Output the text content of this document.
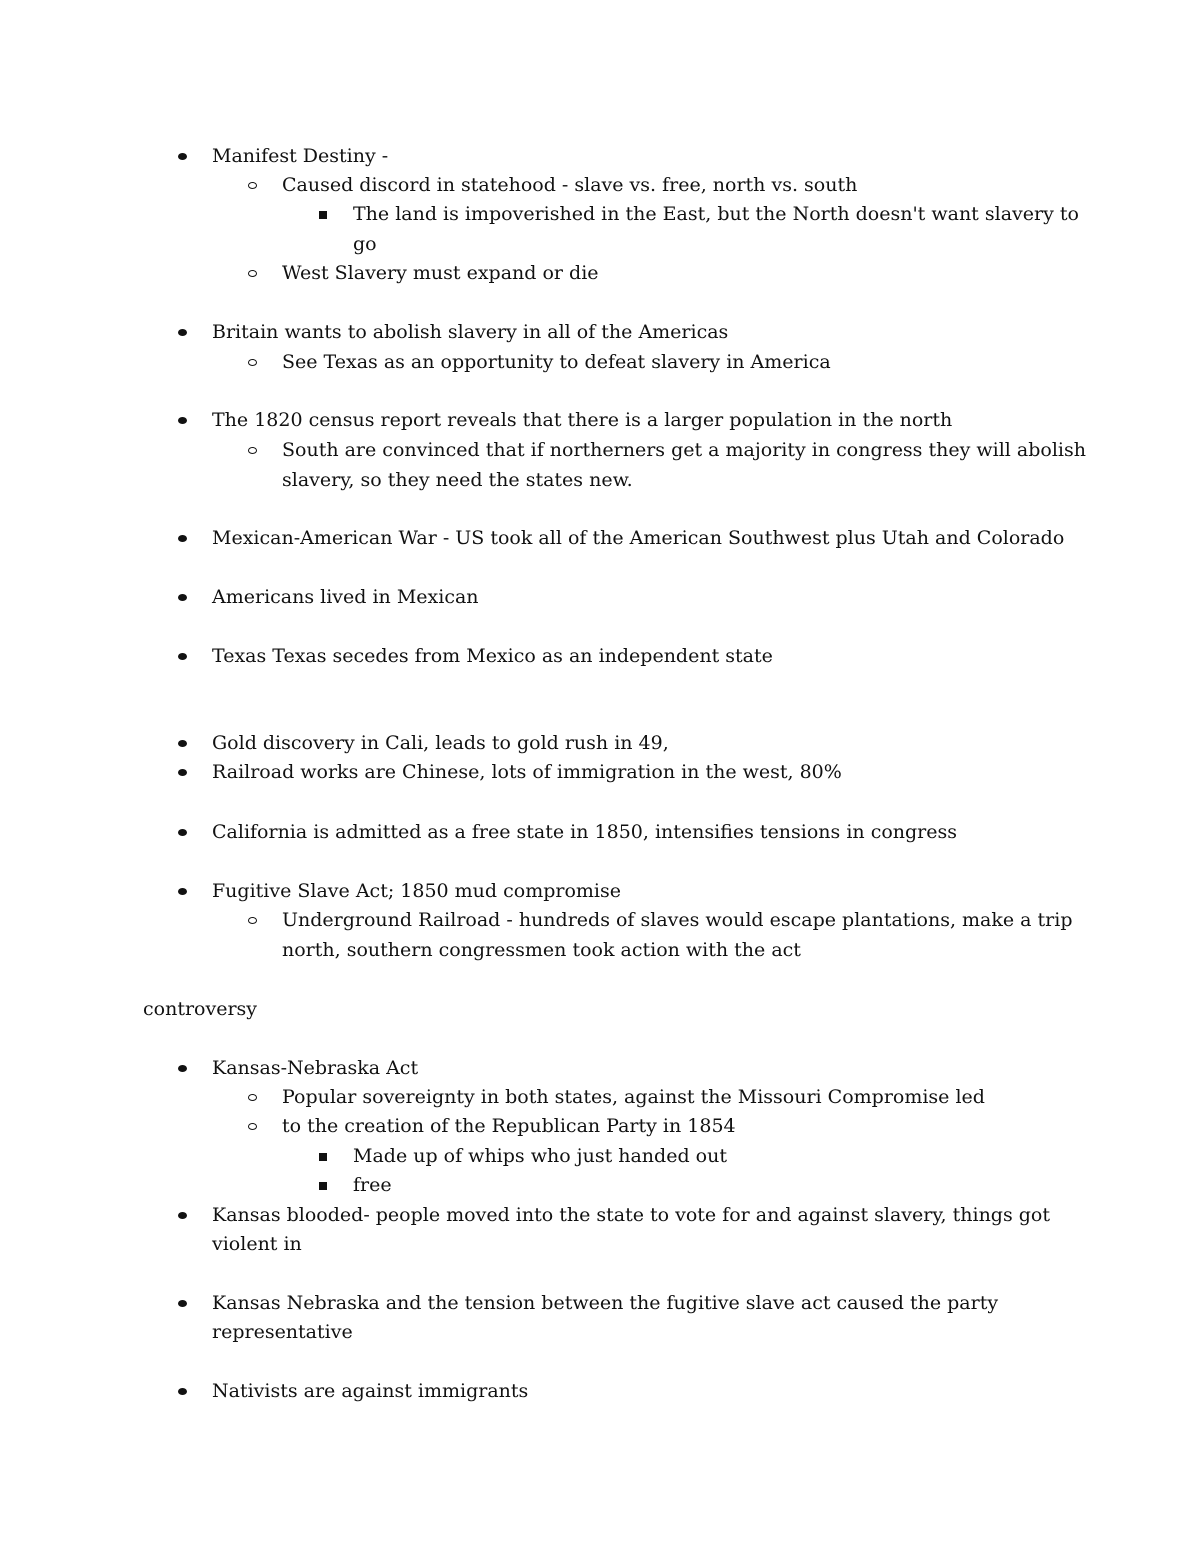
Manifest Destiny -
Caused discord in statehood - slave vs. free, north vs. south
The land is impoverished in the East, but the North doesn't want slavery to
go
West Slavery must expand or die
Britain wants to abolish slavery in all of the Americas
See Texas as an opportunity to defeat slavery in America
The 1820 census report reveals that there is a larger population in the north
South are convinced that if northerners get a majority in congress they will abolish
slavery, so they need the states new.
Mexican-American War - US took all of the American Southwest plus Utah and Colorado
Americans lived in Mexican
Texas Texas secedes from Mexico as an independent state
Gold discovery in Cali, leads to gold rush in 49,
Railroad works are Chinese, lots of immigration in the west, 80%
California is admitted as a free state in 1850, intensifies tensions in congress
Fugitive Slave Act; 1850 mud compromise
Underground Railroad - hundreds of slaves would escape plantations, make a trip
north, southern congressmen took action with the act
controversy
Kansas-Nebraska Act
Popular sovereignty in both states, against the Missouri Compromise led
to the creation of the Republican Party in 1854
Made up of whips who just handed out
free
Kansas blooded- people moved into the state to vote for and against slavery, things got
violent in
Kansas Nebraska and the tension between the fugitive slave act caused the party
representative
Nativists are against immigrants
